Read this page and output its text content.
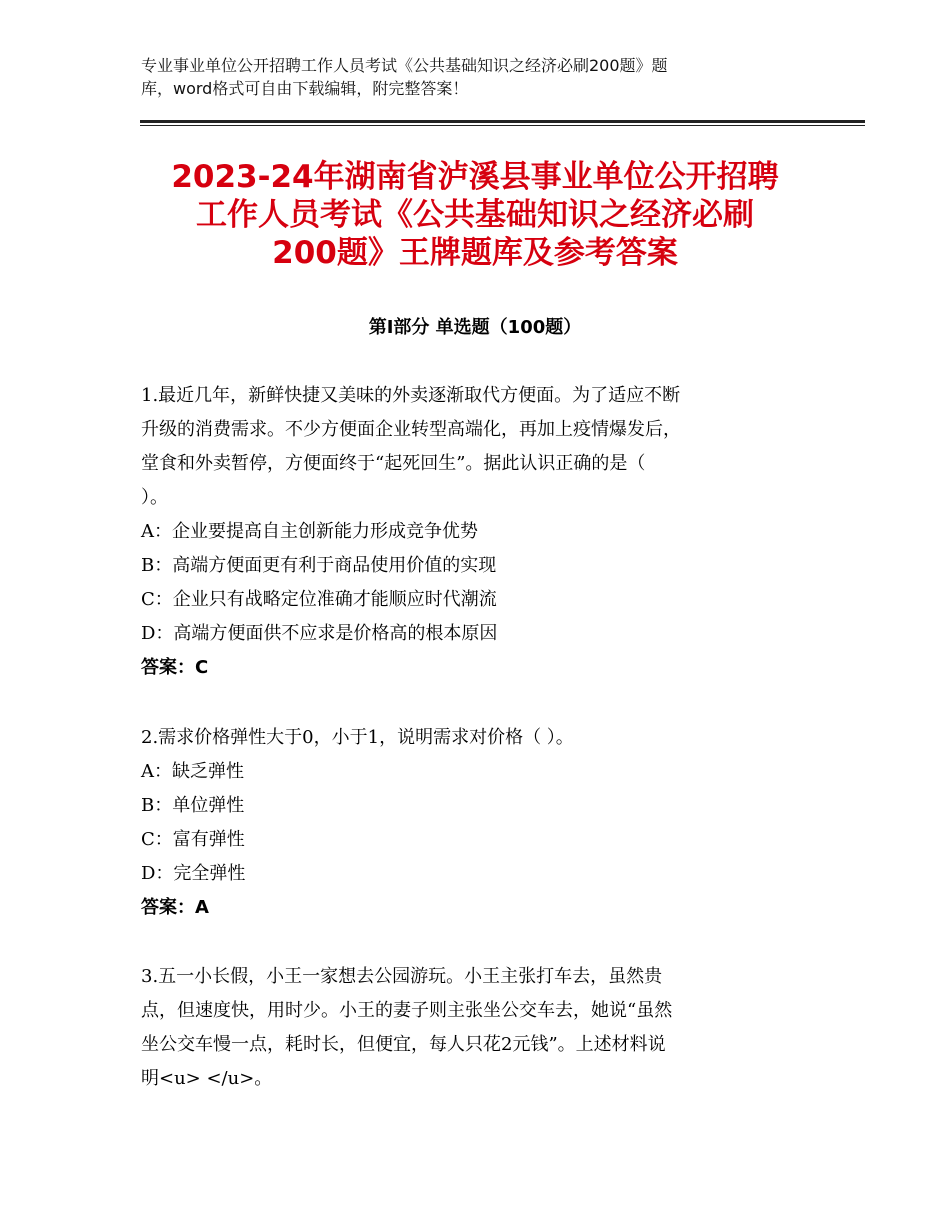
专业事业单位公开招聘工作人员考试《公共基础知识之经济必刷200题》题
库，word格式可自由下载编辑，附完整答案！
2023-24年湖南省泸溪县事业单位公开招聘
工作人员考试《公共基础知识之经济必刷
200题》王牌题库及参考答案
第Ⅰ部分 单选题（100题）
1.最近几年，新鲜快捷又美味的外卖逐渐取代方便面。为了适应不断
升级的消费需求。不少方便面企业转型高端化，再加上疫情爆发后，
堂食和外卖暂停，方便面终于“起死回生”。据此认识正确的是（
）。
A：企业要提高自主创新能力形成竞争优势
B：高端方便面更有利于商品使用价值的实现
C：企业只有战略定位准确才能顺应时代潮流
D：高端方便面供不应求是价格高的根本原因
答案：C
2.需求价格弹性大于0，小于1，说明需求对价格（ ）。
A：缺乏弹性
B：单位弹性
C：富有弹性
D：完全弹性
答案：A
3.五一小长假，小王一家想去公园游玩。小王主张打车去，虽然贵
点，但速度快，用时少。小王的妻子则主张坐公交车去，她说“虽然
坐公交车慢一点，耗时长，但便宜，每人只花2元钱”。上述材料说
明<u> </u>。
